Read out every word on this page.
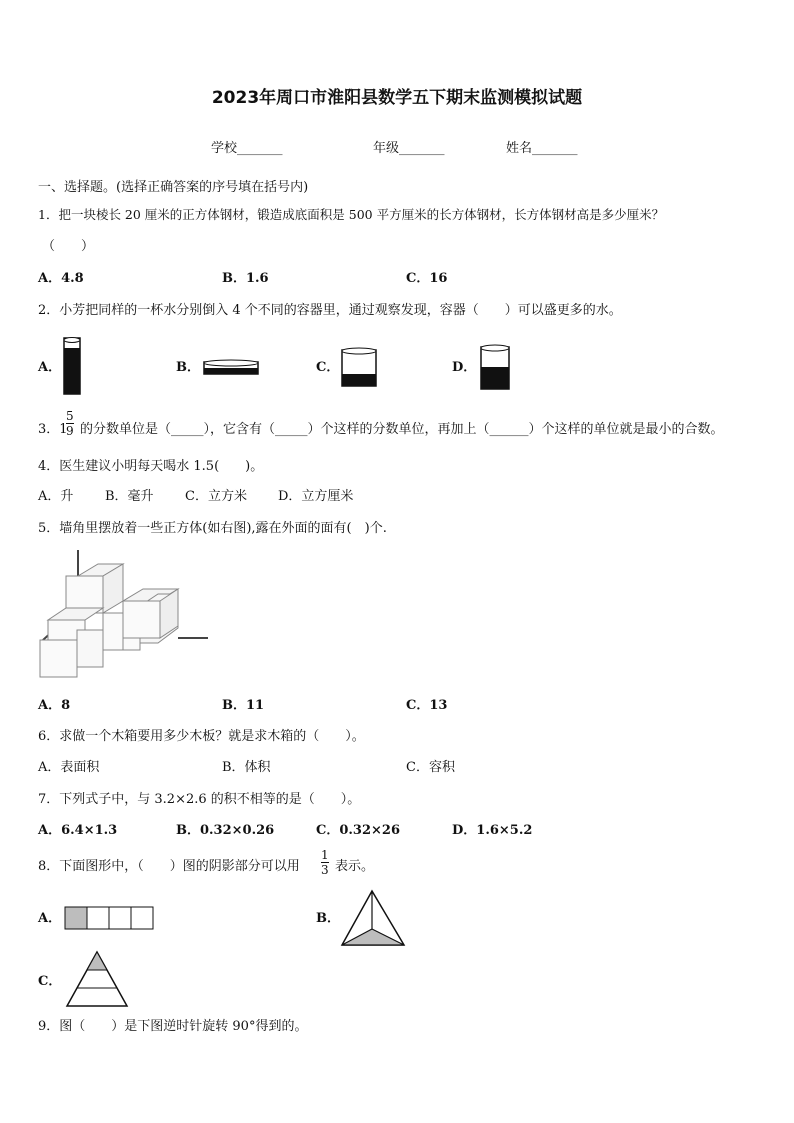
2023年周口市淮阳县数学五下期末监测模拟试题
学校_______	年级_______	姓名_______
一、选择题。(选择正确答案的序号填在括号内)
1．把一块棱长 20 厘米的正方体钢材，锻造成底面积是 500 平方厘米的长方体钢材，长方体钢材高是多少厘米？
（　　）
A．4.8	B．1.6	C．16
2．小芳把同样的一杯水分别倒入 4 个不同的容器里，通过观察发现，容器（　　）可以盛更多的水。
A．	B．	C．	D．
3．1
5
9 的分数单位是（_____），它含有（_____）个这样的分数单位，再加上（______）个这样的单位就是最小的合数。
4．医生建议小明每天喝水 1.5(　　)。
A．升 B．毫升 C．立方米 D．立方厘米
5．墙角里摆放着一些正方体(如右图),露在外面的面有(　)个.
A．8	B．11	C．13
6．求做一个木箱要用多少木板？就是求木箱的（　　）。
A．表面积	B．体积	C．容积
7．下列式子中，与 3.2×2.6 的积不相等的是（　　）。
A．6.4×1.3	B．0.32×0.26	C．0.32×26	D．1.6×5.2
8．下面图形中，（　　）图的阴影部分可以用
1
3 表示。
A．	B．
C．
9．图（　　）是下图逆时针旋转 90°得到的。
